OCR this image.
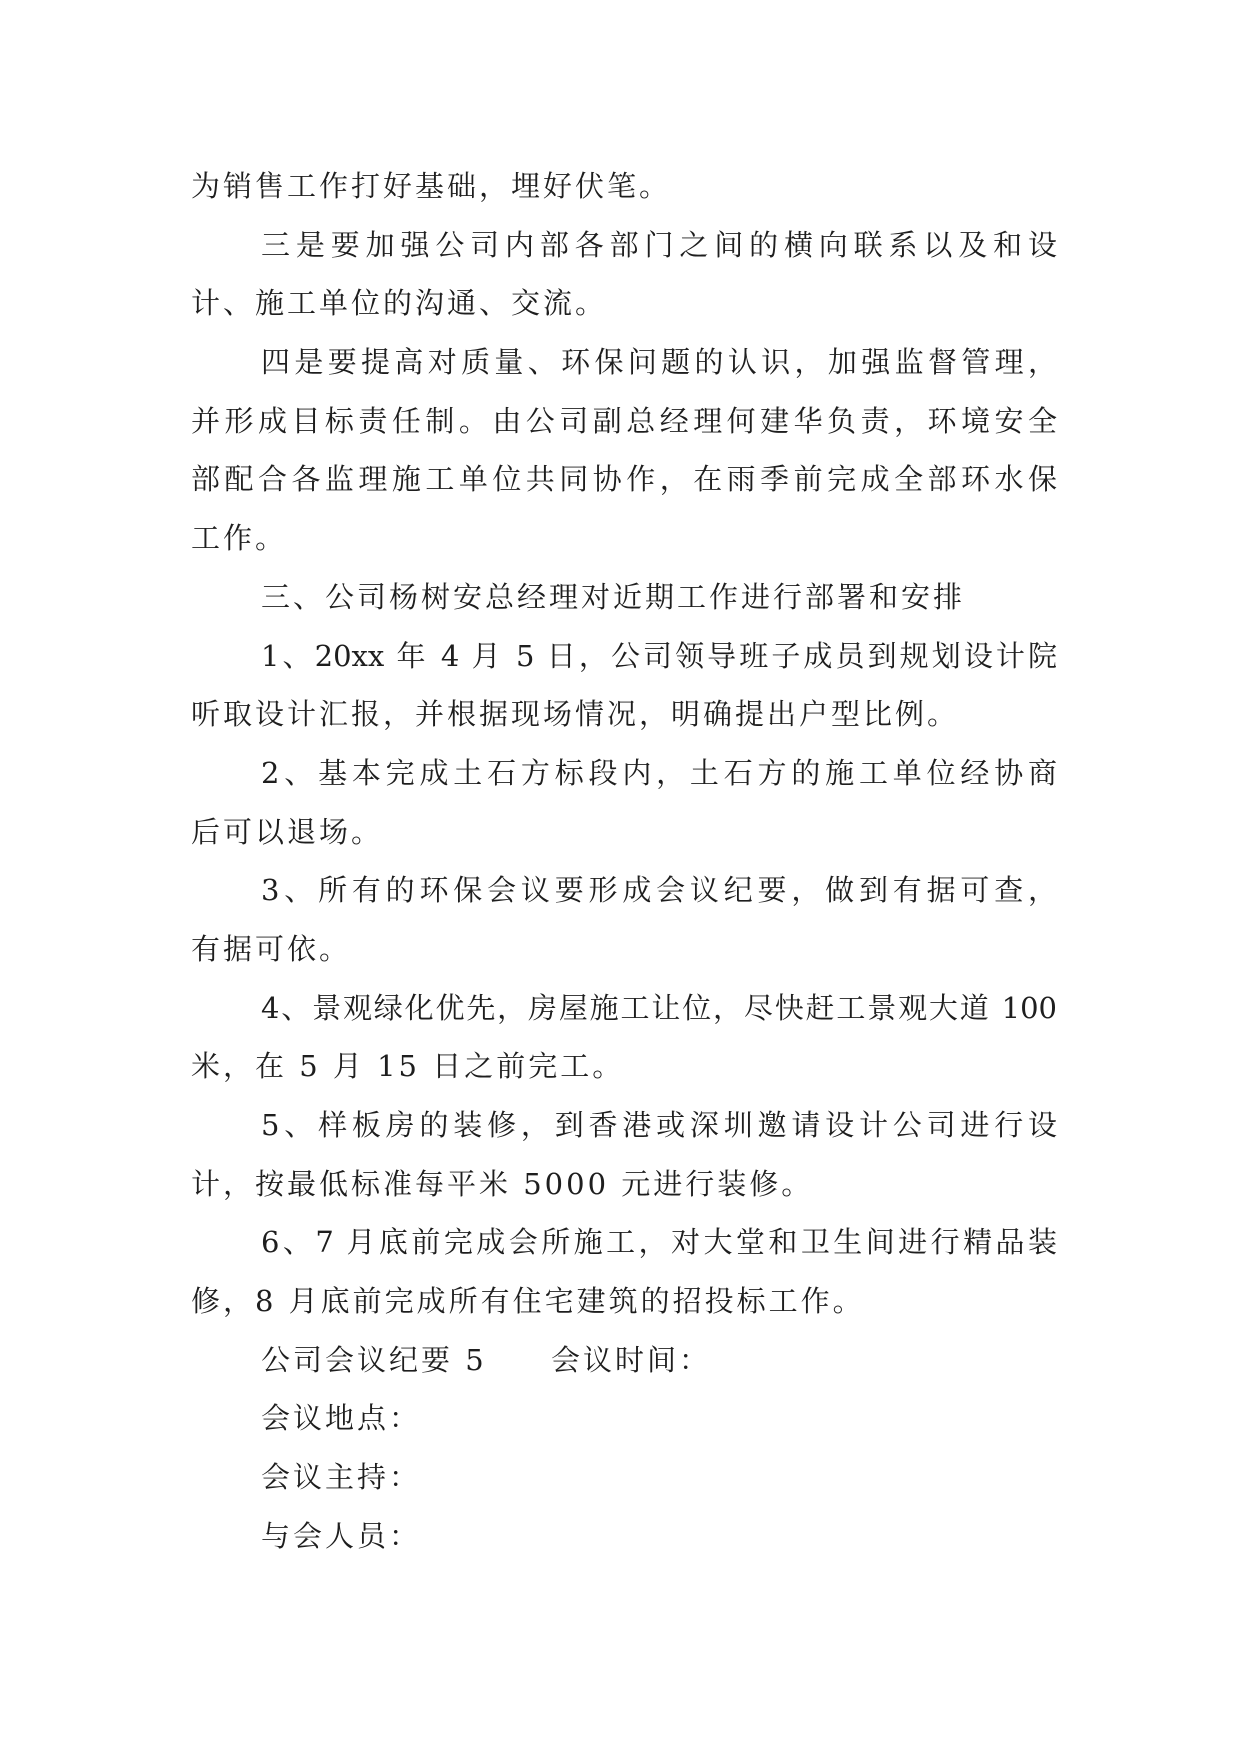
为销售工作打好基础，埋好伏笔。
三是要加强公司内部各部门之间的横向联系以及和设
计、施工单位的沟通、交流。
四是要提高对质量、环保问题的认识，加强监督管理，
并形成目标责任制。由公司副总经理何建华负责，环境安全
部配合各监理施工单位共同协作，在雨季前完成全部环水保
工作。
三、公司杨树安总经理对近期工作进行部署和安排
1、20xx 年 4 月 5 日，公司领导班子成员到规划设计院
听取设计汇报，并根据现场情况，明确提出户型比例。
2、基本完成土石方标段内，土石方的施工单位经协商
后可以退场。
3、所有的环保会议要形成会议纪要，做到有据可查，
有据可依。
4、景观绿化优先，房屋施工让位，尽快赶工景观大道 100
米，在 5 月 15 日之前完工。
5、样板房的装修，到香港或深圳邀请设计公司进行设
计，按最低标准每平米 5000 元进行装修。
6、7 月底前完成会所施工，对大堂和卫生间进行精品装
修，8 月底前完成所有住宅建筑的招投标工作。
公司会议纪要 5 会议时间：
会议地点：
会议主持：
与会人员：
